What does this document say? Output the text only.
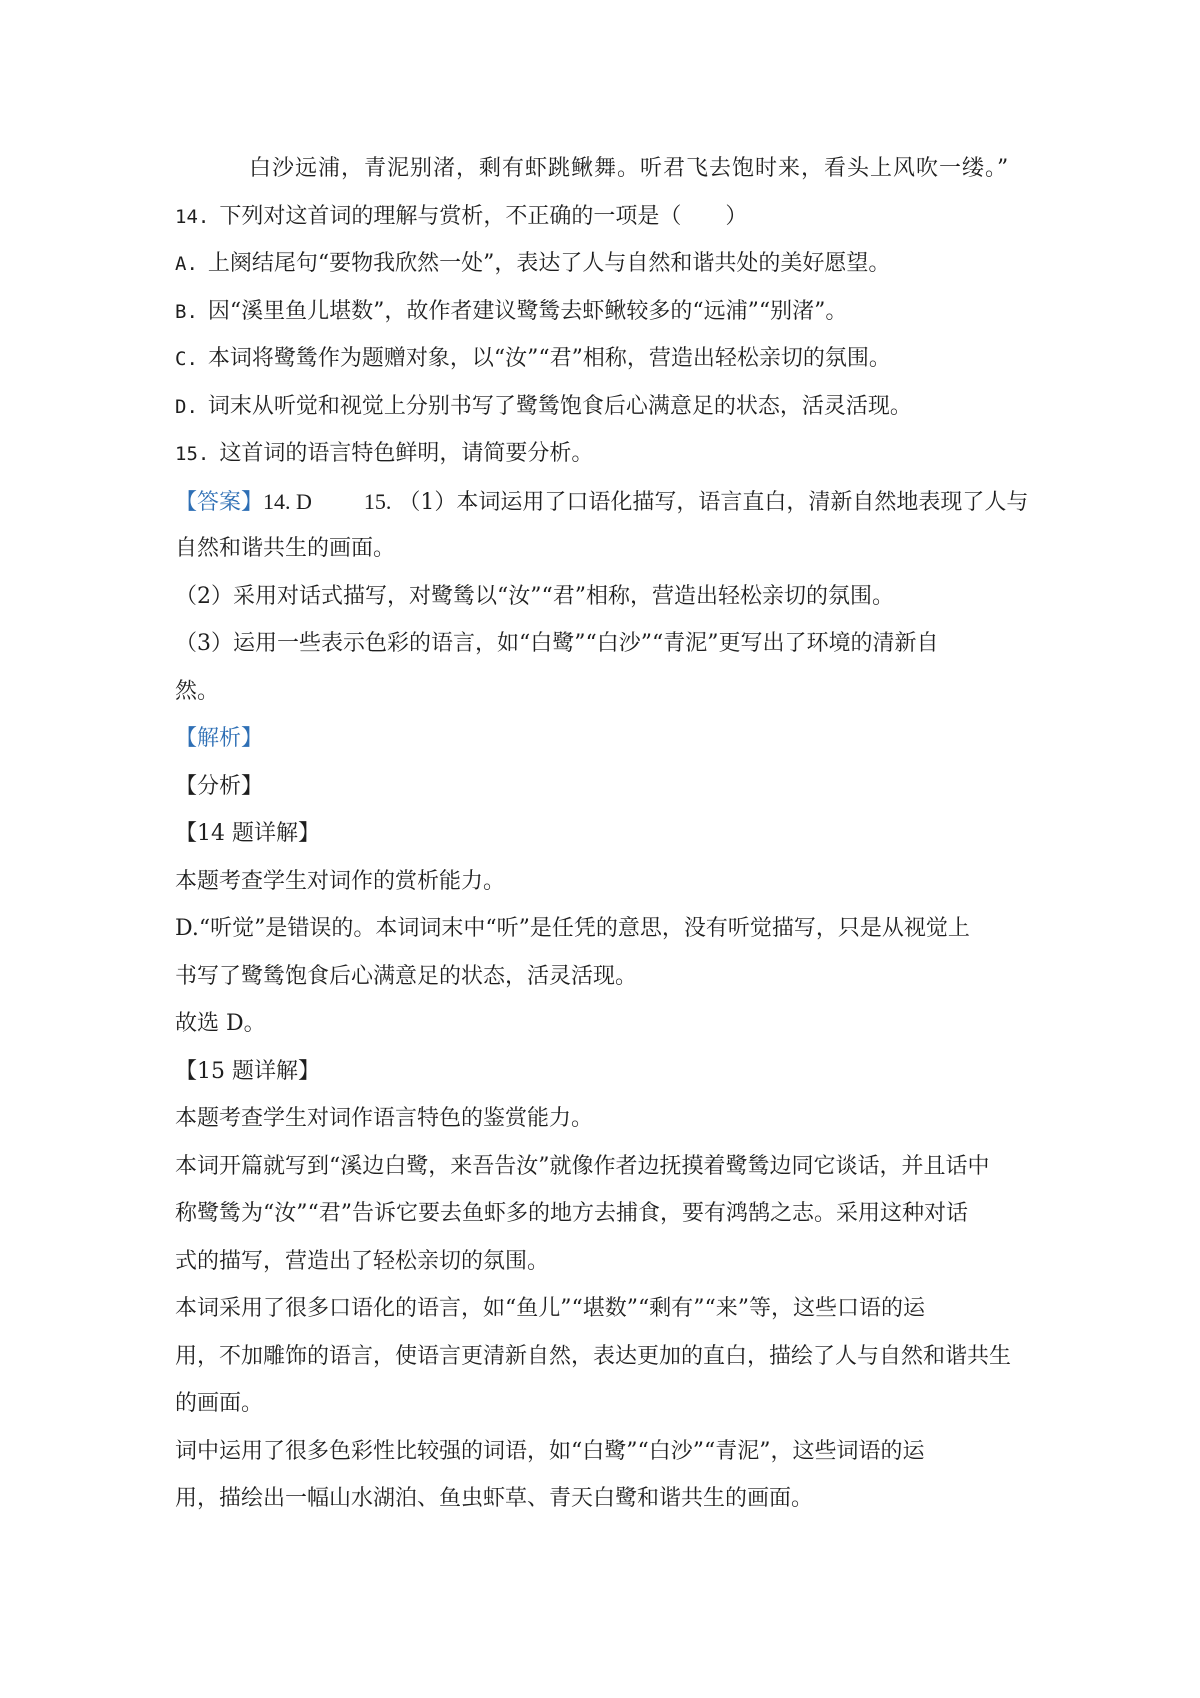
白沙远浦，青泥别渚，剩有虾跳鳅舞。听君飞去饱时来，看头上风吹一缕。”
14. 下列对这首词的理解与赏析，不正确的一项是（　　）
A. 上阕结尾句“要物我欣然一处”，表达了人与自然和谐共处的美好愿望。
B. 因“溪里鱼儿堪数”，故作者建议鹭鸶去虾鳅较多的“远浦”“别渚”。
C. 本词将鹭鸶作为题赠对象，以“汝”“君”相称，营造出轻松亲切的氛围。
D. 词末从听觉和视觉上分别书写了鹭鸶饱食后心满意足的状态，活灵活现。
15. 这首词的语言特色鲜明，请简要分析。
【答案】14. D 15. （1）本词运用了口语化描写，语言直白，清新自然地表现了人与
自然和谐共生的画面。
（2）采用对话式描写，对鹭鸶以“汝”“君”相称，营造出轻松亲切的氛围。
（3）运用一些表示色彩的语言，如“白鹭”“白沙”“青泥”更写出了环境的清新自
然。
【解析】
【分析】
【14 题详解】
本题考查学生对词作的赏析能力。
D.“听觉”是错误的。本词词末中“听”是任凭的意思，没有听觉描写，只是从视觉上
书写了鹭鸶饱食后心满意足的状态，活灵活现。
故选 D。
【15 题详解】
本题考查学生对词作语言特色的鉴赏能力。
本词开篇就写到“溪边白鹭，来吾告汝”就像作者边抚摸着鹭鸶边同它谈话，并且话中
称鹭鸶为“汝”“君”告诉它要去鱼虾多的地方去捕食，要有鸿鹄之志。采用这种对话
式的描写，营造出了轻松亲切的氛围。
本词采用了很多口语化的语言，如“鱼儿”“堪数”“剩有”“来”等，这些口语的运
用，不加雕饰的语言，使语言更清新自然，表达更加的直白，描绘了人与自然和谐共生
的画面。
词中运用了很多色彩性比较强的词语，如“白鹭”“白沙”“青泥”，这些词语的运
用，描绘出一幅山水湖泊、鱼虫虾草、青天白鹭和谐共生的画面。
